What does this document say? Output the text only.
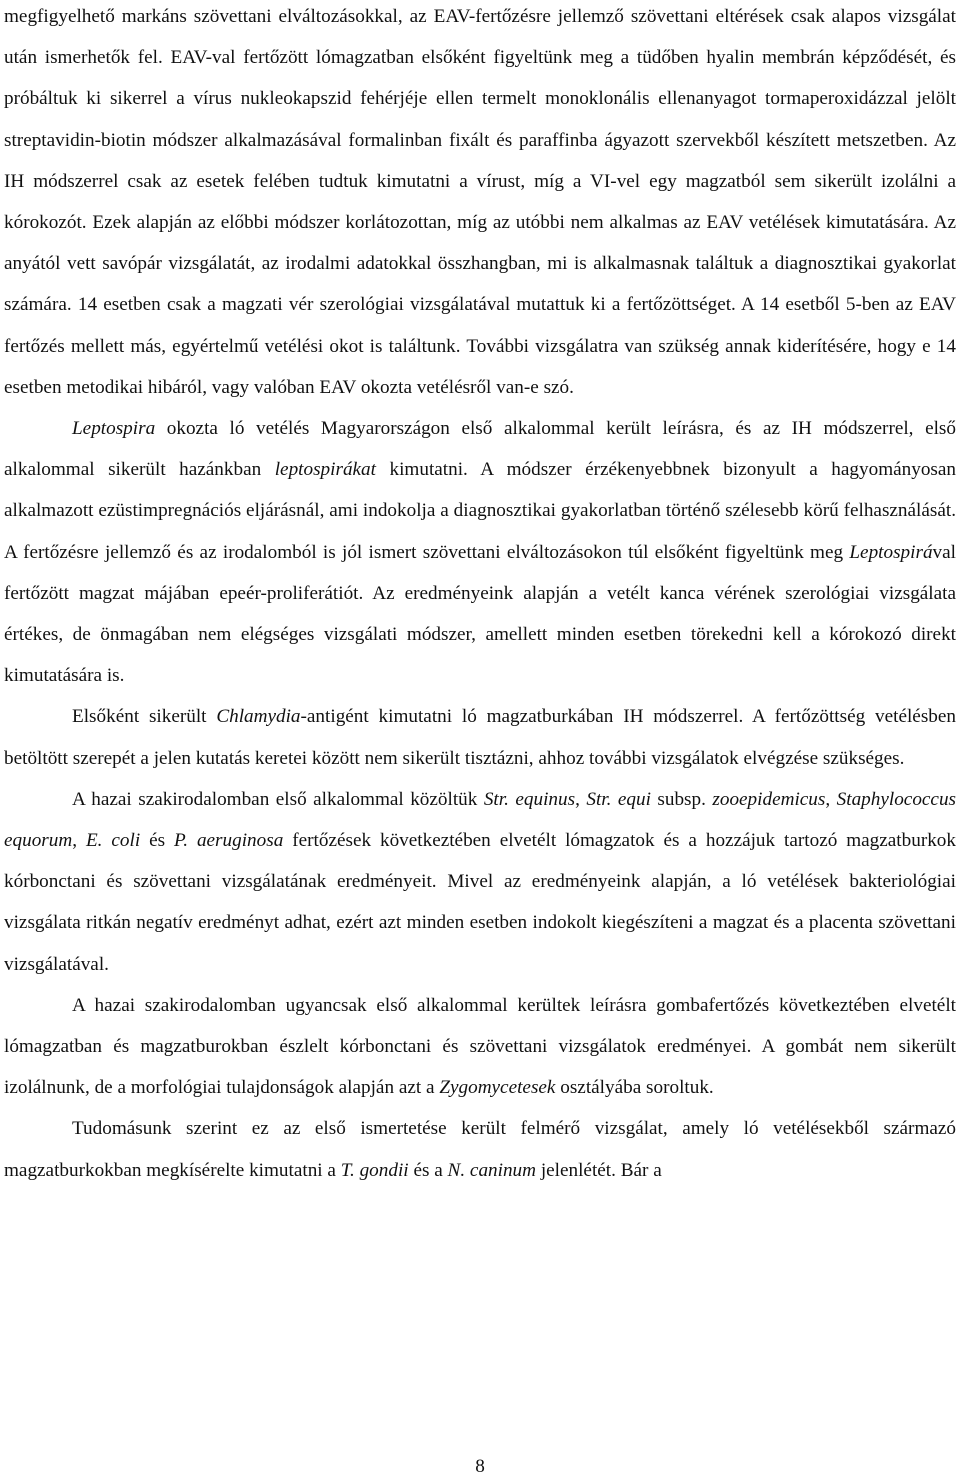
megfigyelhető markáns szövettani elváltozásokkal, az EAV-fertőzésre jellemző szövettani eltérések csak alapos vizsgálat után ismerhetők fel. EAV-val fertőzött lómagzatban elsőként figyeltünk meg a tüdőben hyalin membrán képződését, és próbáltuk ki sikerrel a vírus nukleokapszid fehérjéje ellen termelt monoklonális ellenanyagot tormaperoxidázzal jelölt streptavidin-biotin módszer alkalmazásával formalinban fixált és paraffinba ágyazott szervekből készített metszetben. Az IH módszerrel csak az esetek felében tudtuk kimutatni a vírust, míg a VI-vel egy magzatból sem sikerült izolálni a kórokozót. Ezek alapján az előbbi módszer korlátozottan, míg az utóbbi nem alkalmas az EAV vetélések kimutatására. Az anyától vett savópár vizsgálatát, az irodalmi adatokkal összhangban, mi is alkalmasnak találtuk a diagnosztikai gyakorlat számára. 14 esetben csak a magzati vér szerológiai vizsgálatával mutattuk ki a fertőzöttséget. A 14 esetből 5-ben az EAV fertőzés mellett más, egyértelmű vetélési okot is találtunk. További vizsgálatra van szükség annak kiderítésére, hogy e 14 esetben metodikai hibáról, vagy valóban EAV okozta vetélésről van-e szó.

Leptospira okozta ló vetélés Magyarországon első alkalommal került leírásra, és az IH módszerrel, első alkalommal sikerült hazánkban leptospirákat kimutatni. A módszer érzékenyebbnek bizonyult a hagyományosan alkalmazott ezüstimpregnációs eljárásnál, ami indokolja a diagnosztikai gyakorlatban történő szélesebb körű felhasználását. A fertőzésre jellemző és az irodalomból is jól ismert szövettani elváltozásokon túl elsőként figyeltünk meg Leptospirával fertőzött magzat májában epeér-proliferátiót. Az eredményeink alapján a vetélt kanca vérének szerológiai vizsgálata értékes, de önmagában nem elégséges vizsgálati módszer, amellett minden esetben törekedni kell a kórokozó direkt kimutatására is.

Elsőként sikerült Chlamydia-antigént kimutatni ló magzatburkában IH módszerrel. A fertőzöttség vetélésben betöltött szerepét a jelen kutatás keretei között nem sikerült tisztázni, ahhoz további vizsgálatok elvégzése szükséges.

A hazai szakirodalomban első alkalommal közöltük Str. equinus, Str. equi subsp. zooepidemicus, Staphylococcus equorum, E. coli és P. aeruginosa fertőzések következtében elvetélt lómagzatok és a hozzájuk tartozó magzatburkok kórbonctani és szövettani vizsgálatának eredményeit. Mivel az eredményeink alapján, a ló vetélések bakteriológiai vizsgálata ritkán negatív eredményt adhat, ezért azt minden esetben indokolt kiegészíteni a magzat és a placenta szövettani vizsgálatával.

A hazai szakirodalomban ugyancsak első alkalommal kerültek leírásra gombafertőzés következtében elvetélt lómagzatban és magzatburokban észlelt kórbonctani és szövettani vizsgálatok eredményei. A gombát nem sikerült izolálnunk, de a morfológiai tulajdonságok alapján azt a Zygomycetesek osztályába soroltuk.

Tudomásunk szerint ez az első ismertetése került felmérő vizsgálat, amely ló vetélésekből származó magzatburkokban megkísérelte kimutatni a T. gondii és a N. caninum jelenlétét. Bár a

8
